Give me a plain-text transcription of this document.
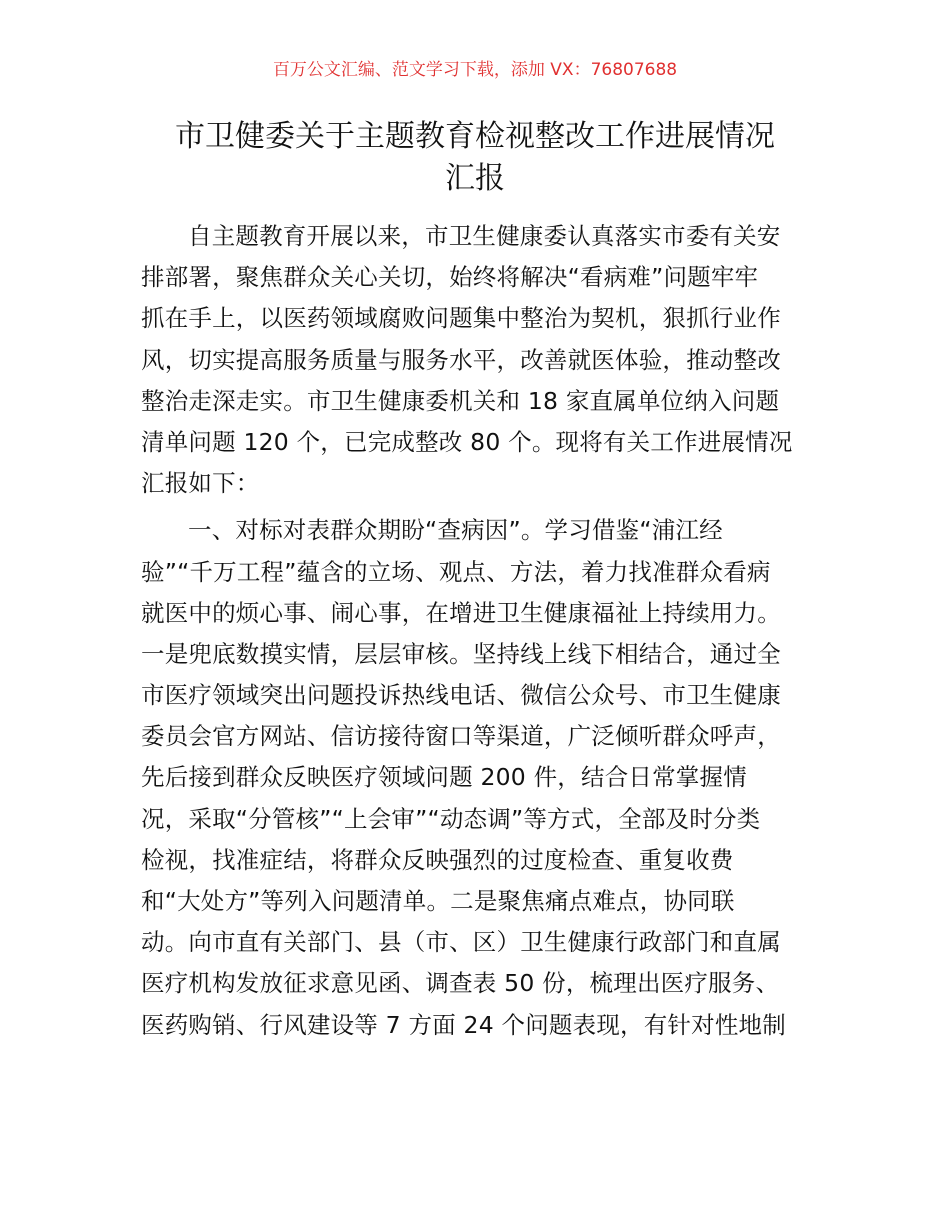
百万公文汇编、范文学习下载，添加 VX：76807688
市卫健委关于主题教育检视整改工作进展情况
汇报
自主题教育开展以来，市卫生健康委认真落实市委有关安
排部署，聚焦群众关心关切，始终将解决“看病难”问题牢牢
抓在手上，以医药领域腐败问题集中整治为契机，狠抓行业作
风，切实提高服务质量与服务水平，改善就医体验，推动整改
整治走深走实。市卫生健康委机关和 18 家直属单位纳入问题
清单问题 120 个，已完成整改 80 个。现将有关工作进展情况
汇报如下：
一、对标对表群众期盼“查病因”。学习借鉴“浦江经
验”“千万工程”蕴含的立场、观点、方法，着力找准群众看病
就医中的烦心事、闹心事，在增进卫生健康福祉上持续用力。
一是兜底数摸实情，层层审核。坚持线上线下相结合，通过全
市医疗领域突出问题投诉热线电话、微信公众号、市卫生健康
委员会官方网站、信访接待窗口等渠道，广泛倾听群众呼声，
先后接到群众反映医疗领域问题 200 件，结合日常掌握情
况，采取“分管核”“上会审”“动态调”等方式，全部及时分类
检视，找准症结，将群众反映强烈的过度检查、重复收费
和“大处方”等列入问题清单。二是聚焦痛点难点，协同联
动。向市直有关部门、县（市、区）卫生健康行政部门和直属
医疗机构发放征求意见函、调查表 50 份，梳理出医疗服务、
医药购销、行风建设等 7 方面 24 个问题表现，有针对性地制
